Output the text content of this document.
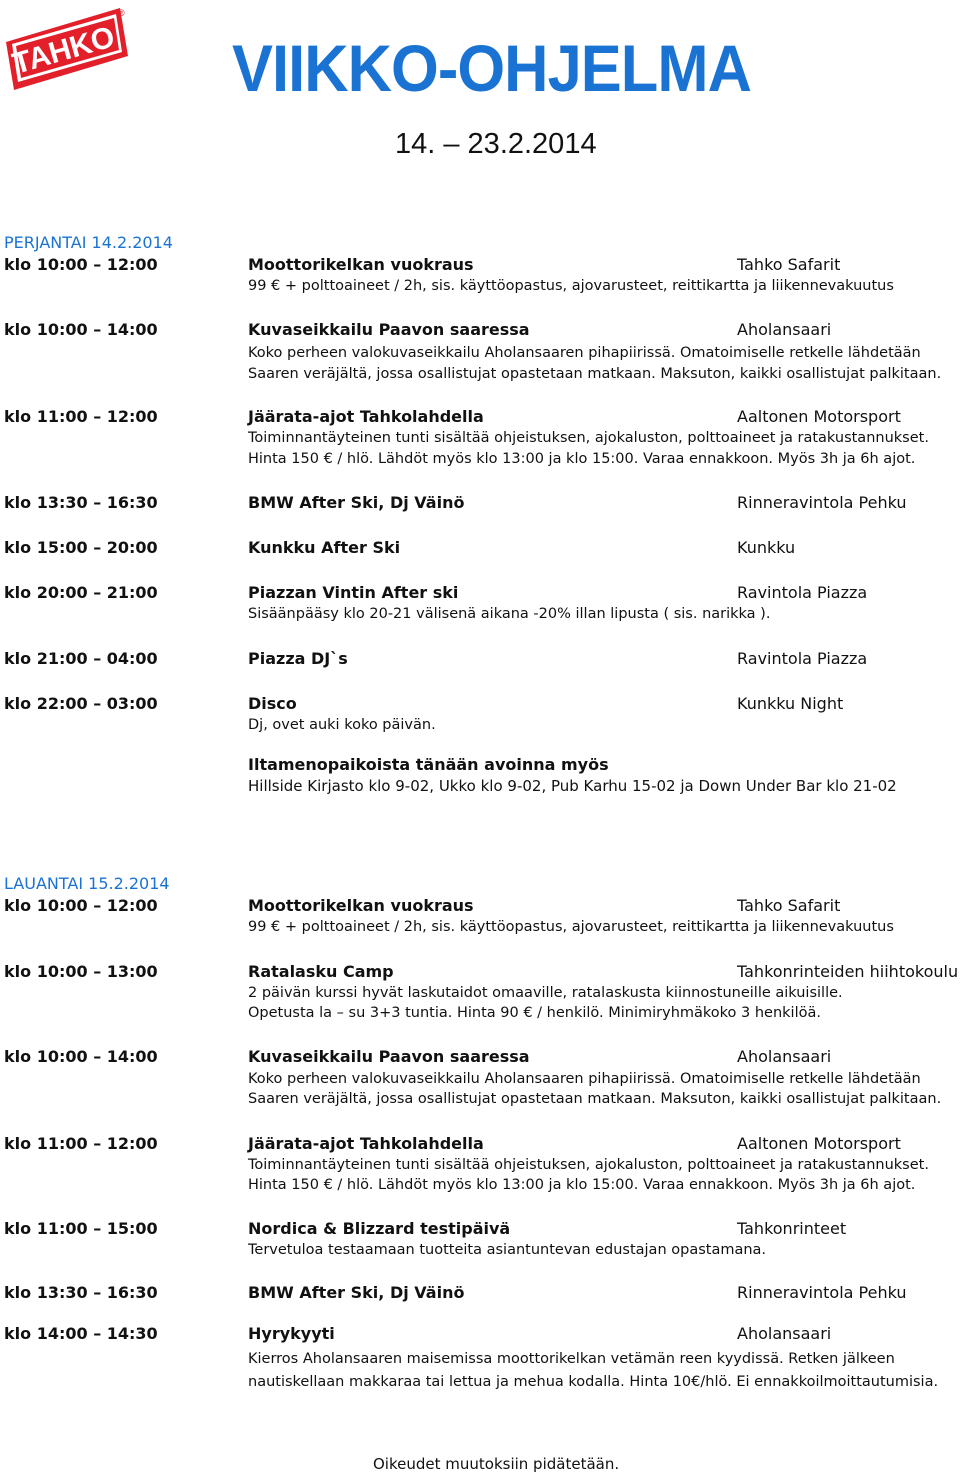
TAHKO
®
VIIKKO-OHJELMA
14. – 23.2.2014
PERJANTAI 14.2.2014
klo 10:00 – 12:00	Moottorikelkan vuokraus	Tahko Safarit
99 € + polttoaineet / 2h, sis. käyttöopastus, ajovarusteet, reittikartta ja liikennevakuutus
klo 10:00 – 14:00	Kuvaseikkailu Paavon saaressa	Aholansaari
Koko perheen valokuvaseikkailu Aholansaaren pihapiirissä. Omatoimiselle retkelle lähdetään
Saaren veräjältä, jossa osallistujat opastetaan matkaan. Maksuton, kaikki osallistujat palkitaan.
klo 11:00 – 12:00	Jäärata-ajot Tahkolahdella	Aaltonen Motorsport
Toiminnantäyteinen tunti sisältää ohjeistuksen, ajokaluston, polttoaineet ja ratakustannukset.
Hinta 150 € / hlö. Lähdöt myös klo 13:00 ja klo 15:00. Varaa ennakkoon. Myös 3h ja 6h ajot.
klo 13:30 – 16:30	BMW After Ski, Dj Väinö	Rinneravintola Pehku
klo 15:00 – 20:00	Kunkku After Ski	Kunkku
klo 20:00 – 21:00	Piazzan Vintin After ski	Ravintola Piazza
Sisäänpääsy klo 20-21 välisenä aikana -20% illan lipusta ( sis. narikka ).
klo 21:00 – 04:00	Piazza DJ`s	Ravintola Piazza
klo 22:00 – 03:00	Disco	Kunkku Night
Dj, ovet auki koko päivän.
Iltamenopaikoista tänään avoinna myös
Hillside Kirjasto klo 9-02, Ukko klo 9-02, Pub Karhu 15-02 ja Down Under Bar klo 21-02
LAUANTAI 15.2.2014
klo 10:00 – 12:00	Moottorikelkan vuokraus	Tahko Safarit
99 € + polttoaineet / 2h, sis. käyttöopastus, ajovarusteet, reittikartta ja liikennevakuutus
klo 10:00 – 13:00	Ratalasku Camp	Tahkonrinteiden hiihtokoulu
2 päivän kurssi hyvät laskutaidot omaaville, ratalaskusta kiinnostuneille aikuisille.
Opetusta la – su 3+3 tuntia. Hinta 90 € / henkilö. Minimiryhmäkoko 3 henkilöä.
klo 10:00 – 14:00	Kuvaseikkailu Paavon saaressa	Aholansaari
Koko perheen valokuvaseikkailu Aholansaaren pihapiirissä. Omatoimiselle retkelle lähdetään
Saaren veräjältä, jossa osallistujat opastetaan matkaan. Maksuton, kaikki osallistujat palkitaan.
klo 11:00 – 12:00	Jäärata-ajot Tahkolahdella	Aaltonen Motorsport
Toiminnantäyteinen tunti sisältää ohjeistuksen, ajokaluston, polttoaineet ja ratakustannukset.
Hinta 150 € / hlö. Lähdöt myös klo 13:00 ja klo 15:00. Varaa ennakkoon. Myös 3h ja 6h ajot.
klo 11:00 – 15:00	Nordica & Blizzard testipäivä	Tahkonrinteet
Tervetuloa testaamaan tuotteita asiantuntevan edustajan opastamana.
klo 13:30 – 16:30	BMW After Ski, Dj Väinö	Rinneravintola Pehku
klo 14:00 – 14:30	Hyrykyyti	Aholansaari
Kierros Aholansaaren maisemissa moottorikelkan vetämän reen kyydissä. Retken jälkeen
nautiskellaan makkaraa tai lettua ja mehua kodalla. Hinta 10€/hlö. Ei ennakkoilmoittautumisia.
Oikeudet muutoksiin pidätetään.
